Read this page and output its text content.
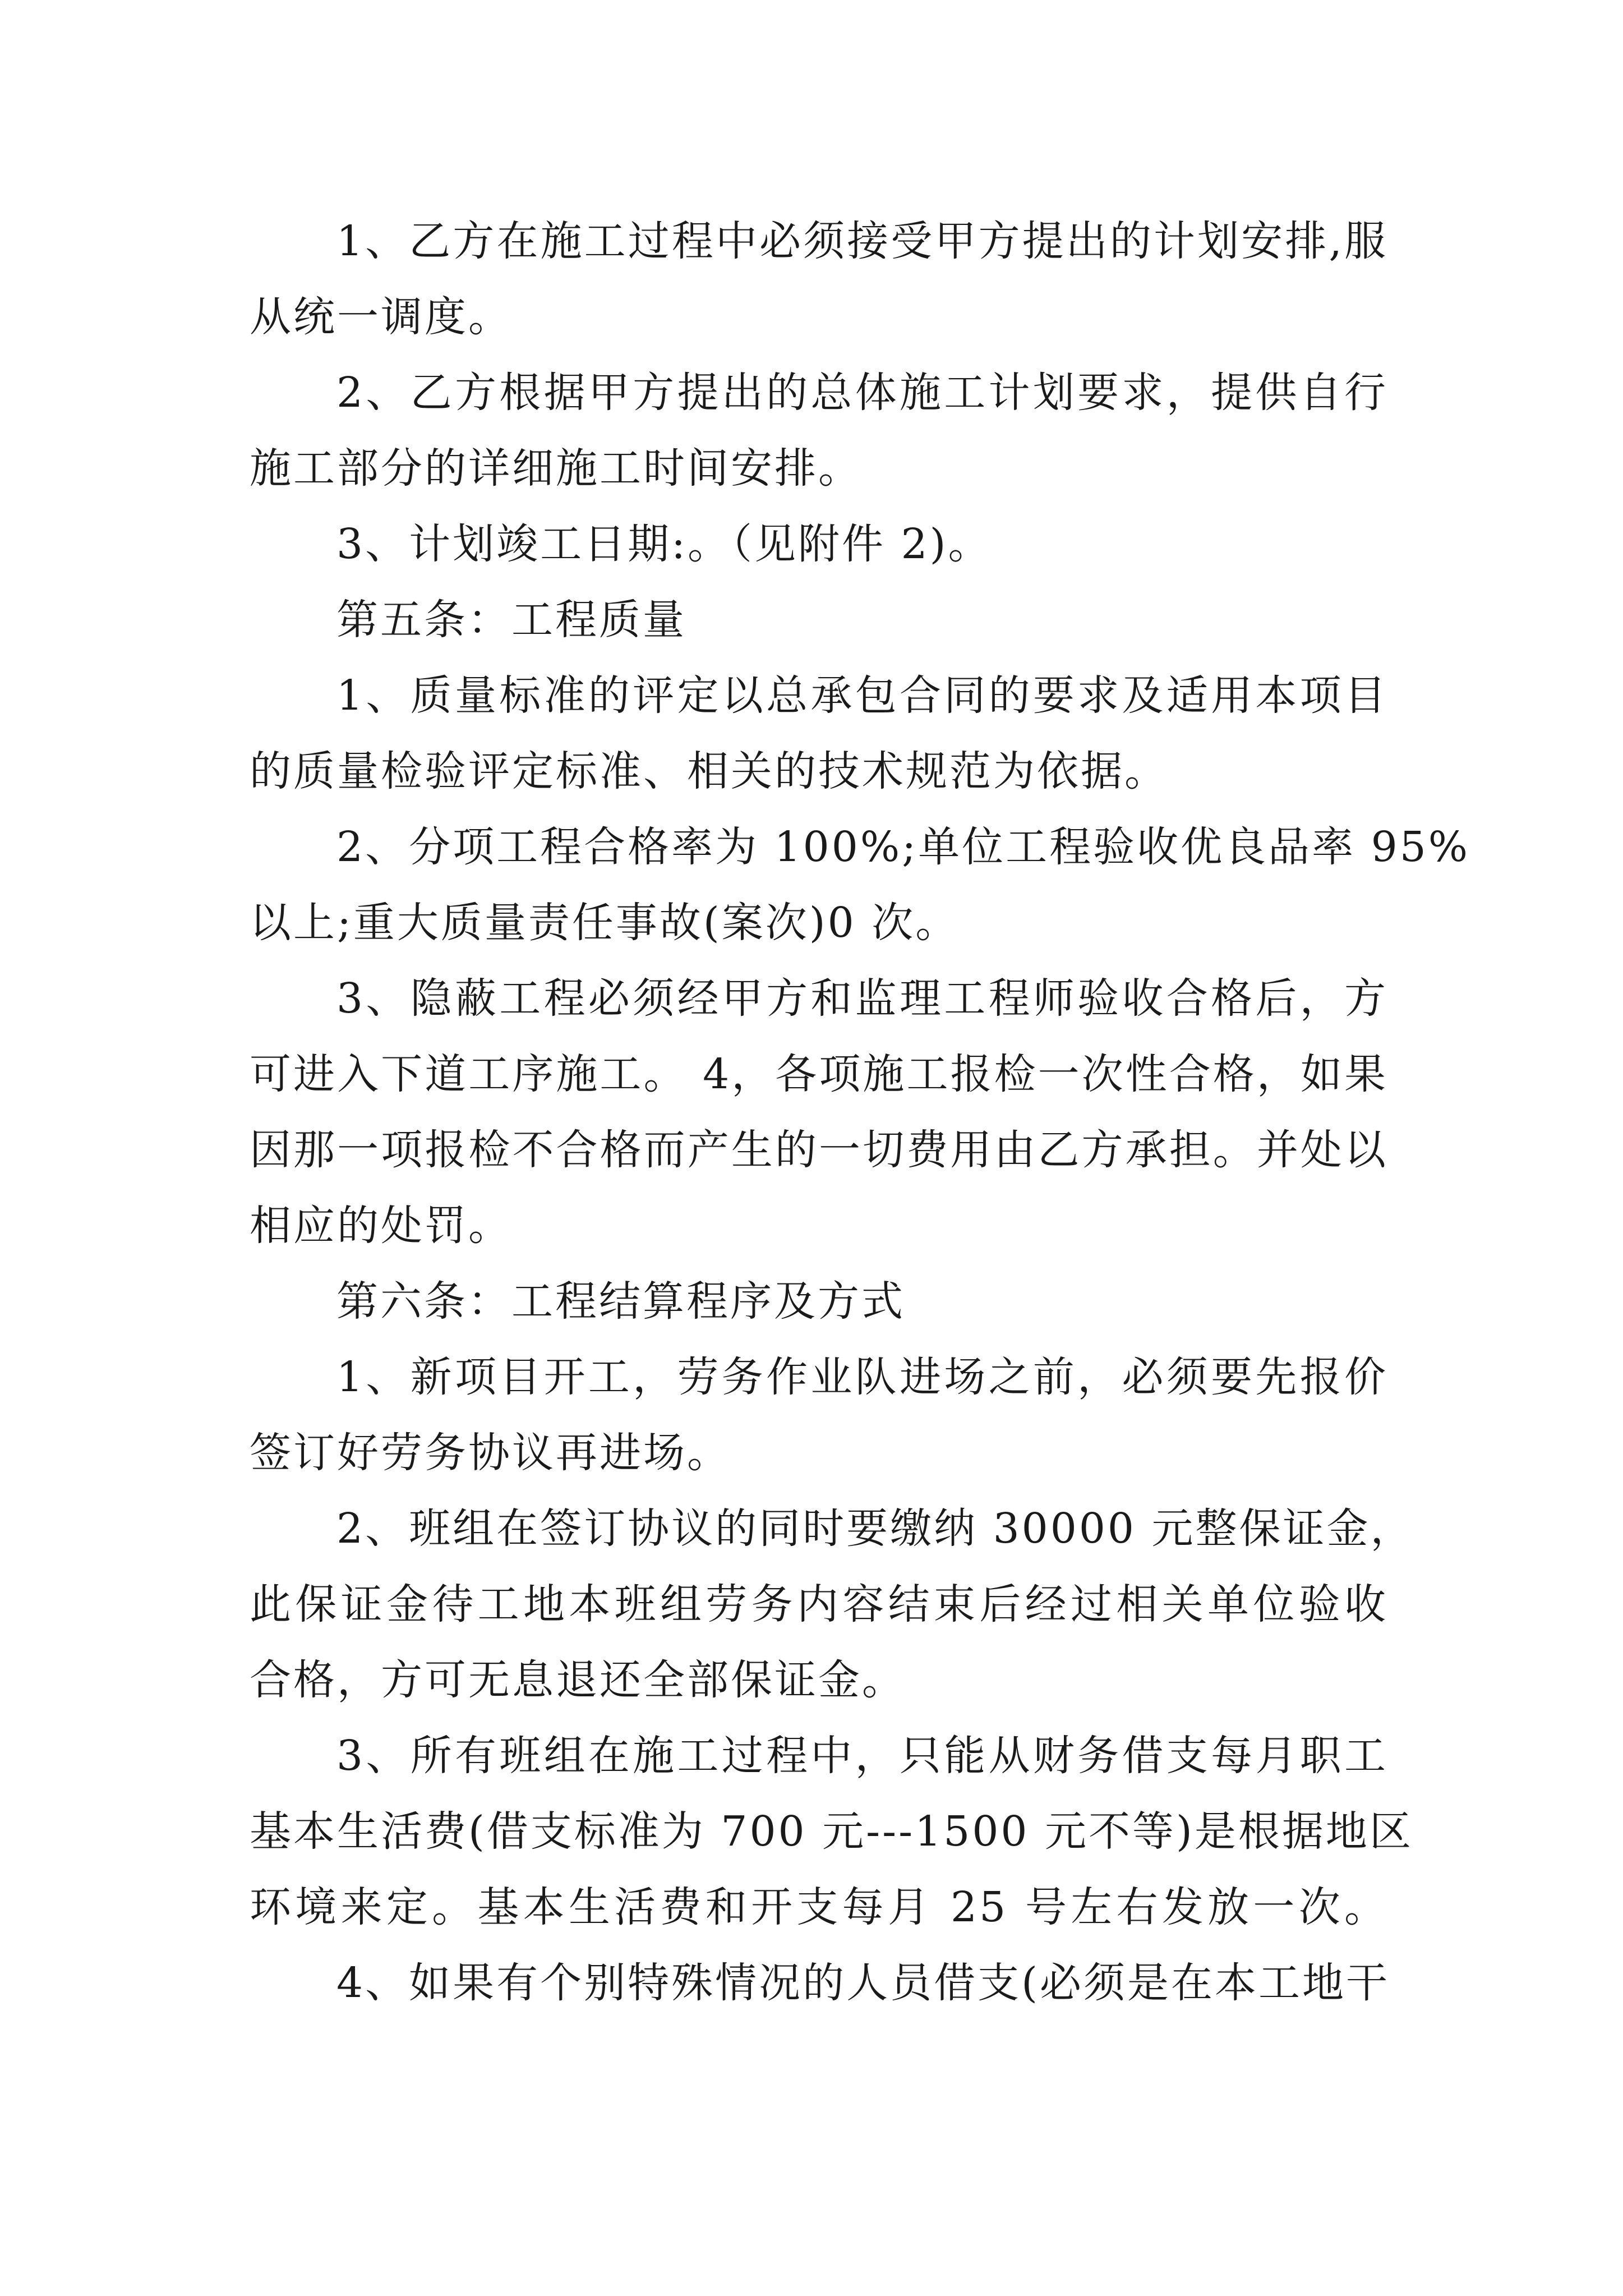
1、乙方在施工过程中必须接受甲方提出的计划安排,服
从统一调度。
2、乙方根据甲方提出的总体施工计划要求，提供自行
施工部分的详细施工时间安排。
3、计划竣工日期:。（见附件 2)。
第五条：工程质量
1、质量标准的评定以总承包合同的要求及适用本项目
的质量检验评定标准、相关的技术规范为依据。
2、分项工程合格率为 100%;单位工程验收优良品率 95%
以上;重大质量责任事故(案次)0 次。
3、隐蔽工程必须经甲方和监理工程师验收合格后，方
可进入下道工序施工。 4，各项施工报检一次性合格，如果
因那一项报检不合格而产生的一切费用由乙方承担。并处以
相应的处罚。
第六条：工程结算程序及方式
1、新项目开工，劳务作业队进场之前，必须要先报价
签订好劳务协议再进场。
2、班组在签订协议的同时要缴纳 30000 元整保证金，
此保证金待工地本班组劳务内容结束后经过相关单位验收
合格，方可无息退还全部保证金。
3、所有班组在施工过程中，只能从财务借支每月职工
基本生活费(借支标准为 700 元---1500 元不等)是根据地区
环境来定。基本生活费和开支每月 25 号左右发放一次。
4、如果有个别特殊情况的人员借支(必须是在本工地干
